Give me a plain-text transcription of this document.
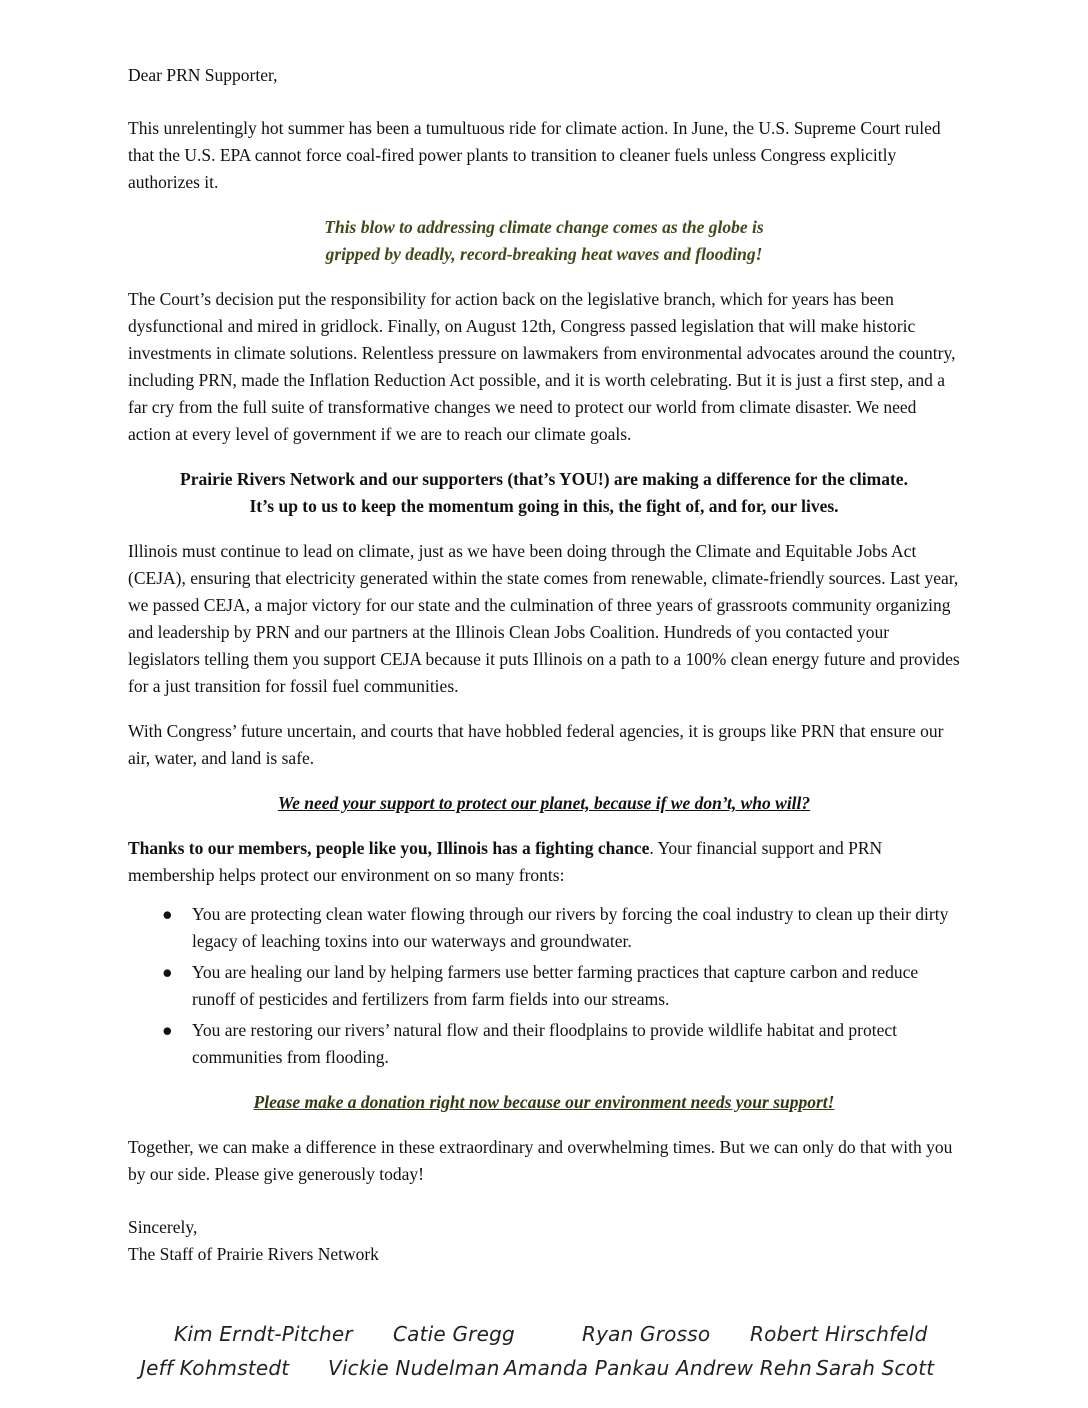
Dear PRN Supporter,

This unrelentingly hot summer has been a tumultuous ride for climate action. In June, the U.S. Supreme Court ruled that the U.S. EPA cannot force coal-fired power plants to transition to cleaner fuels unless Congress explicitly authorizes it.

This blow to addressing climate change comes as the globe is

gripped by deadly, record-breaking heat waves and flooding!

The Court’s decision put the responsibility for action back on the legislative branch, which for years has been dysfunctional and mired in gridlock. Finally, on August 12th, Congress passed legislation that will make historic investments in climate solutions. Relentless pressure on lawmakers from environmental advocates around the country, including PRN, made the Inflation Reduction Act possible, and it is worth celebrating. But it is just a first step, and a far cry from the full suite of transformative changes we need to protect our world from climate disaster. We need action at every level of government if we are to reach our climate goals.

Prairie Rivers Network and our supporters (that’s YOU!) are making a difference for the climate.

It’s up to us to keep the momentum going in this, the fight of, and for, our lives.

Illinois must continue to lead on climate, just as we have been doing through the Climate and Equitable Jobs Act (CEJA), ensuring that electricity generated within the state comes from renewable, climate-friendly sources. Last year, we passed CEJA, a major victory for our state and the culmination of three years of grassroots community organizing and leadership by PRN and our partners at the Illinois Clean Jobs Coalition. Hundreds of you contacted your legislators telling them you support CEJA because it puts Illinois on a path to a 100% clean energy future and provides for a just transition for fossil fuel communities.

With Congress’ future uncertain, and courts that have hobbled federal agencies, it is groups like PRN that ensure our air, water, and land is safe.

We need your support to protect our planet, because if we don’t, who will?

Thanks to our members, people like you, Illinois has a fighting chance. Your financial support and PRN membership helps protect our environment on so many fronts:

● You are protecting clean water flowing through our rivers by forcing the coal industry to clean up their dirty legacy of leaching toxins into our waterways and groundwater.
● You are healing our land by helping farmers use better farming practices that capture carbon and reduce runoff of pesticides and fertilizers from farm fields into our streams.
● You are restoring our rivers’ natural flow and their floodplains to provide wildlife habitat and protect communities from flooding.

Please make a donation right now because our environment needs your support!

Together, we can make a difference in these extraordinary and overwhelming times. But we can only do that with you by our side. Please give generously today!

Sincerely,

The Staff of Prairie Rivers Network

Kim Erndt-Pitcher Catie Gregg	Ryan Grosso Robert Hirschfeld
Jeff Kohmstedt Vickie Nudelman Amanda Pankau Andrew Rehn Sarah Scott
